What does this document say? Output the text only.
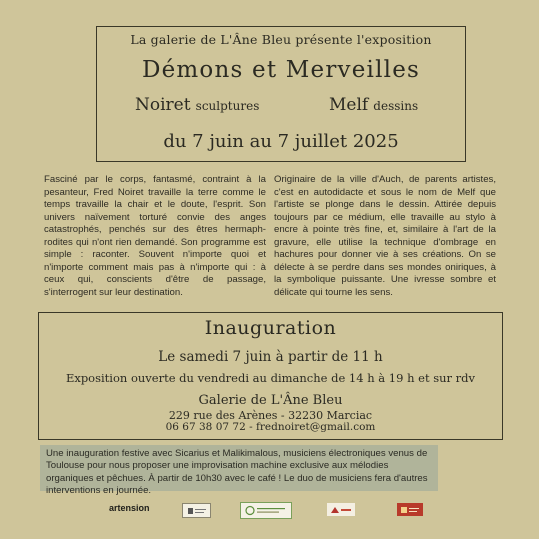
La galerie de L'Âne Bleu présente l'exposition
Démons et Merveilles
Noiret sculptures	Melf dessins
du 7 juin au 7 juillet 2025
Fasciné par le corps, fantasmé, contraint à la pesanteur, Fred Noiret travaille la terre comme le temps travaille la chair et le doute, l'esprit. Son univers naïvement torturé convie des anges catastrophés, penchés sur des êtres hermaph-rodites qui n'ont rien demandé. Son programme est simple : raconter. Souvent n'importe quoi et n'importe comment mais pas à n'importe qui : à ceux qui, conscients d'être de passage, s'interrogent sur leur destination.
Originaire de la ville d'Auch, de parents artistes, c'est en autodidacte et sous le nom de Melf que l'artiste se plonge dans le dessin. Attirée depuis toujours par ce médium, elle travaille au stylo à encre à pointe très fine, et, similaire à l'art de la gravure, elle utilise la technique d'ombrage en hachures pour donner vie à ses créations. On se délecte à se perdre dans ses mondes oniriques, à la symbolique puissante. Une ivresse sombre et délicate qui tourne les sens.
Inauguration
Le samedi 7 juin à partir de 11 h
Exposition ouverte du vendredi au dimanche de 14 h à 19 h et sur rdv
Galerie de L'Âne Bleu
229 rue des Arènes - 32230 Marciac
06 67 38 07 72 - frednoiret@gmail.com
Une inauguration festive avec Sicarius et Malikimalous, musiciens électroniques venus de Toulouse pour nous proposer une improvisation machine exclusive aux mélodies organiques et pêchues. À partir de 10h30 avec le café ! Le duo de musiciens fera d'autres interventions en journée.
artension
